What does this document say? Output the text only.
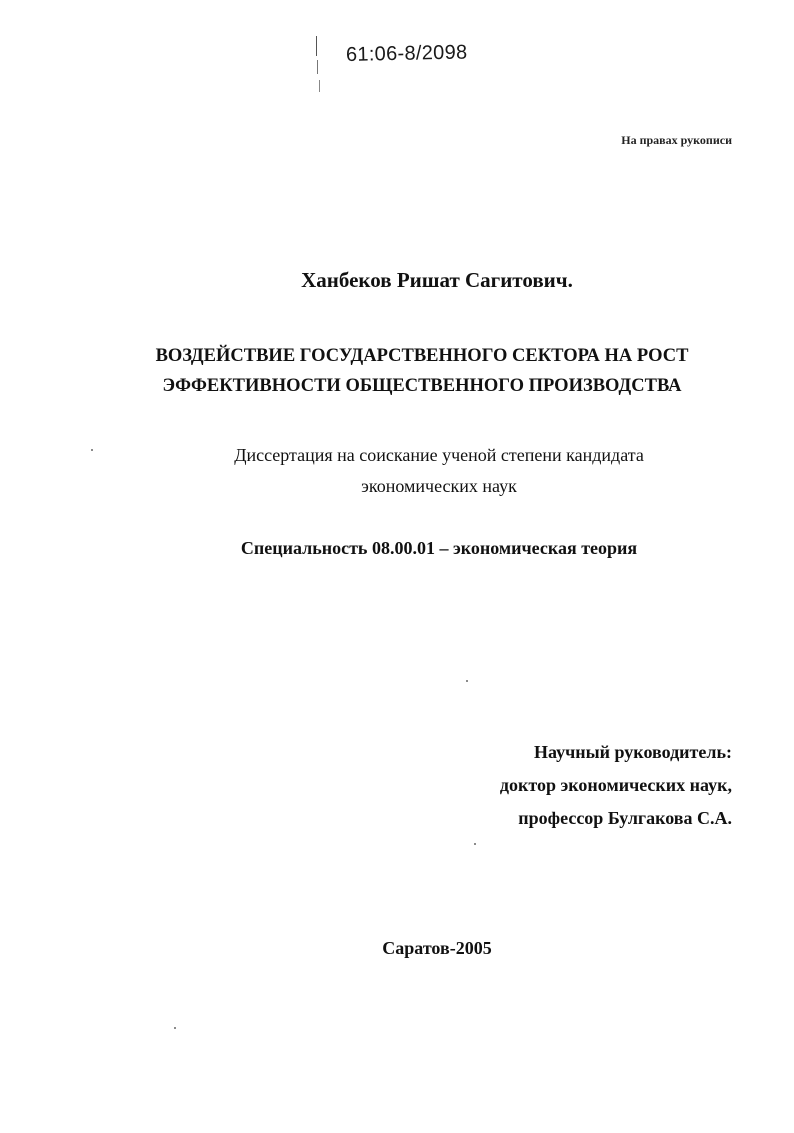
61:06-8/2098
На правах рукописи
Ханбеков Ришат Сагитович.
ВОЗДЕЙСТВИЕ ГОСУДАРСТВЕННОГО СЕКТОРА НА РОСТ
ЭФФЕКТИВНОСТИ ОБЩЕСТВЕННОГО ПРОИЗВОДСТВА
Диссертация на соискание ученой степени кандидата
экономических наук
Специальность 08.00.01 – экономическая теория
Научный руководитель:
доктор экономических наук,
профессор Булгакова С.А.
Саратов-2005
